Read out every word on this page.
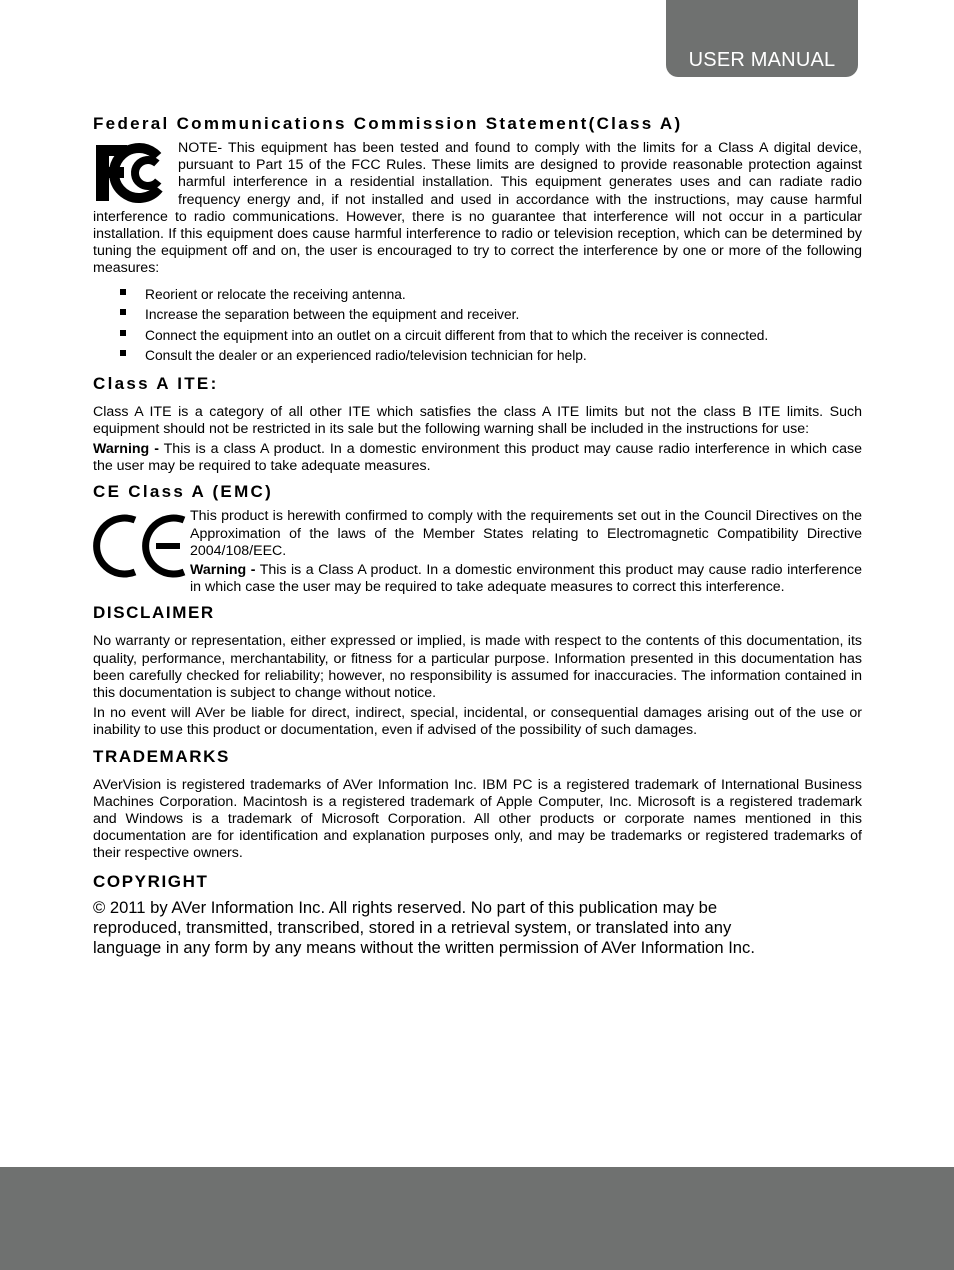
USER MANUAL
Federal Communications Commission Statement(Class A)

NOTE- This equipment has been tested and found to comply with the limits for a Class A digital device, pursuant to Part 15 of the FCC Rules. These limits are designed to provide reasonable protection against harmful interference in a residential installation. This equipment generates uses and can radiate radio frequency energy and, if not installed and used in accordance with the instructions, may cause harmful interference to radio communications. However, there is no guarantee that interference will not occur in a particular installation. If this equipment does cause harmful interference to radio or television reception, which can be determined by tuning the equipment off and on, the user is encouraged to try to correct the interference by one or more of the following measures:

Reorient or relocate the receiving antenna.
Increase the separation between the equipment and receiver.
Connect the equipment into an outlet on a circuit different from that to which the receiver is connected.
Consult the dealer or an experienced radio/television technician for help.
Class A ITE:

Class A ITE is a category of all other ITE which satisfies the class A ITE limits but not the class B ITE limits. Such equipment should not be restricted in its sale but the following warning shall be included in the instructions for use:

Warning - This is a class A product. In a domestic environment this product may cause radio interference in which case the user may be required to take adequate measures.

CE Class A (EMC)

This product is herewith confirmed to comply with the requirements set out in the Council Directives on the Approximation of the laws of the Member States relating to Electromagnetic Compatibility Directive 2004/108/EEC.

Warning - This is a Class A product. In a domestic environment this product may cause radio interference in which case the user may be required to take adequate measures to correct this interference.

DISCLAIMER

No warranty or representation, either expressed or implied, is made with respect to the contents of this documentation, its quality, performance, merchantability, or fitness for a particular purpose. Information presented in this documentation has been carefully checked for reliability; however, no responsibility is assumed for inaccuracies. The information contained in this documentation is subject to change without notice.

In no event will AVer be liable for direct, indirect, special, incidental, or consequential damages arising out of the use or inability to use this product or documentation, even if advised of the possibility of such damages.

TRADEMARKS

AVerVision is registered trademarks of AVer Information Inc. IBM PC is a registered trademark of International Business Machines Corporation. Macintosh is a registered trademark of Apple Computer, Inc. Microsoft is a registered trademark and Windows is a trademark of Microsoft Corporation. All other products or corporate names mentioned in this documentation are for identification and explanation purposes only, and may be trademarks or registered trademarks of their respective owners.

COPYRIGHT
© 2011 by AVer Information Inc. All rights reserved. No part of this publication may be
reproduced, transmitted, transcribed, stored in a retrieval system, or translated into any
language in any form by any means without the written permission of AVer Information Inc.
